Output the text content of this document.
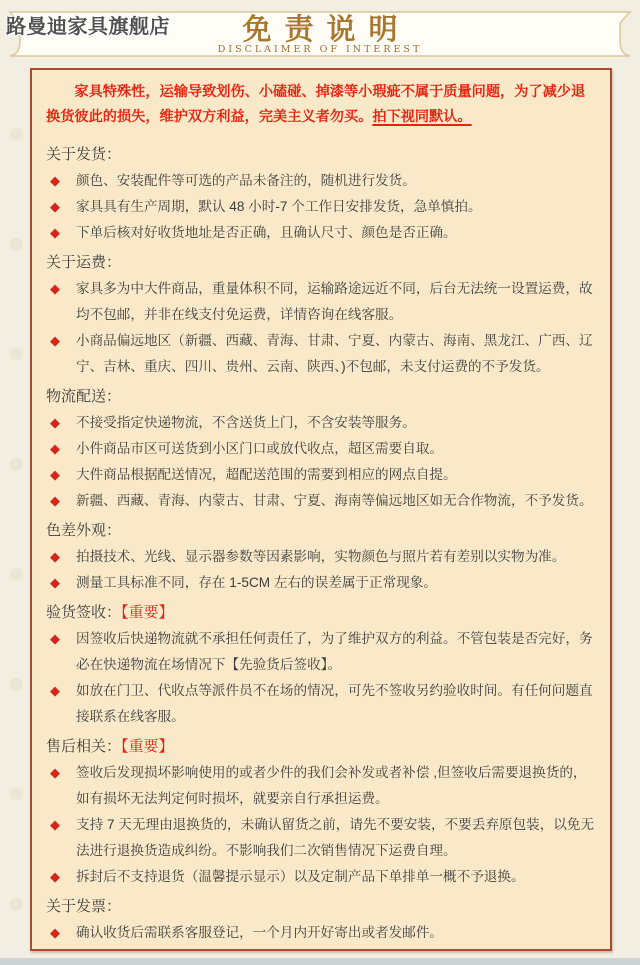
免责说明
DISCLAIMER OF INTEREST
路曼迪家具旗舰店

家具特殊性，运输导致划伤、小磕碰、掉漆等小瑕疵不属于质量问题，为了减少退换货彼此的损失，维护双方利益，完美主义者勿买。拍下视同默认。

关于发货：
◆	颜色、安装配件等可选的产品未备注的，随机进行发货。
◆	家具具有生产周期，默认 48 小时-7 个工作日安排发货，急单慎拍。
◆	下单后核对好收货地址是否正确，且确认尺寸、颜色是否正确。
关于运费：
◆	家具多为中大件商品，重量体积不同，运输路途远近不同，后台无法统一设置运费，故均不包邮，并非在线支付免运费，详情咨询在线客服。
◆	小商品偏远地区（新疆、西藏、青海、甘肃、宁夏、内蒙古、海南、黑龙江、广西、辽宁、吉林、重庆、四川、贵州、云南、陕西、)不包邮，未支付运费的不予发货。
物流配送：
◆	不接受指定快递物流，不含送货上门，不含安装等服务。
◆	小件商品市区可送货到小区门口或放代收点，超区需要自取。
◆	大件商品根据配送情况，超配送范围的需要到相应的网点自提。
◆	新疆、西藏、青海、内蒙古、甘肃、宁夏、海南等偏远地区如无合作物流，不予发货。
色差外观：
◆	拍摄技术、光线、显示器参数等因素影响，实物颜色与照片若有差别以实物为准。
◆	测量工具标准不同，存在 1-5CM 左右的误差属于正常现象。
验货签收：【重要】
◆	因签收后快递物流就不承担任何责任了，为了维护双方的利益。不管包装是否完好，务必在快递物流在场情况下【先验货后签收】。
◆	如放在门卫、代收点等派件员不在场的情况，可先不签收另约验收时间。有任何问题直接联系在线客服。
售后相关：【重要】
◆	签收后发现损坏影响使用的或者少件的我们会补发或者补偿 ,但签收后需要退换货的，如有损坏无法判定何时损坏，就要亲自行承担运费。
◆	支持 7 天无理由退换货的，未确认留货之前，请先不要安装，不要丢弃原包装，以免无法进行退换货造成纠纷。不影响我们二次销售情况下运费自理。
◆	拆封后不支持退货（温馨提示显示）以及定制产品下单排单一概不予退换。
关于发票：
◆	确认收货后需联系客服登记，一个月内开好寄出或者发邮件。
